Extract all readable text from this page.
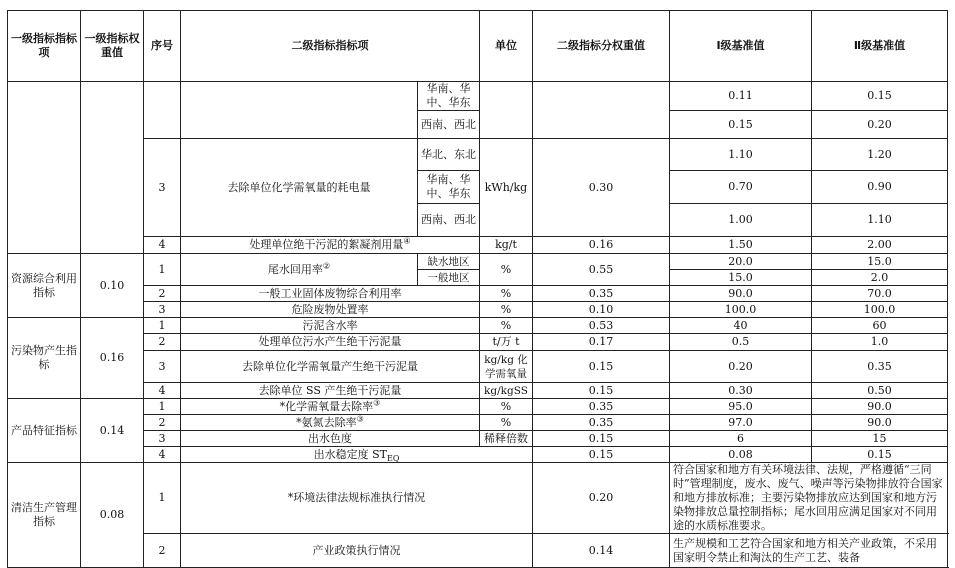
一级指标指标项	一级指标权重值	序号	二级指标指标项		单位	二级指标分权重值	Ⅰ级基准值	Ⅱ级基准值	
				华南、华中、华东			0.11	0.15	
				西南、西北			0.15	0.20	
		3	去除单位化学需氧量的耗电量	华北、东北	kWh/kg	0.30	1.10	1.20	
				华南、华中、华东			0.70	0.90	
				西南、西北			1.00	1.10	
		4	处理单位绝干污泥的絮凝剂用量④		kg/t	0.16	1.50	2.00	
资源综合利用指标	0.10	1	尾水回用率②	缺水地区	%	0.55	20.0	15.0	
				一般地区			15.0	2.0	
		2	一般工业固体废物综合利用率		%	0.35	90.0	70.0	
		3	危险废物处置率		%	0.10	100.0	100.0	
污染物产生指标	0.16	1	污泥含水率		%	0.53	40	60	
		2	处理单位污水产生绝干污泥量		t/万 t	0.17	0.5	1.0	
		3	去除单位化学需氧量产生绝干污泥量		kg/kg 化学需氧量	0.15	0.20	0.35	
		4	去除单位 SS 产生绝干污泥量		kg/kgSS	0.15	0.30	0.50	
产品特征指标	0.14	1	*化学需氧量去除率③		%	0.35	95.0	90.0	
		2	*氨氮去除率③		%	0.35	97.0	90.0	
		3	出水色度		稀释倍数	0.15	6	15	
		4	出水稳定度 $ST_{EQ}$			0.15	0.08	0.15	
清洁生产管理指标	0.08	1	*环境法律法规标准执行情况			0.20	符合国家和地方有关环境法律、法规，严格遵循“三同时”管理制度，废水、废气、噪声等污染物排放符合国家和地方排放标准；主要污染物排放应达到国家和地方污染物排放总量控制指标；尾水回用应满足国家对不同用途的水质标准要求。		
		2	产业政策执行情况			0.14	生产规模和工艺符合国家和地方相关产业政策，不采用国家明令禁止和淘汰的生产工艺、装备		
